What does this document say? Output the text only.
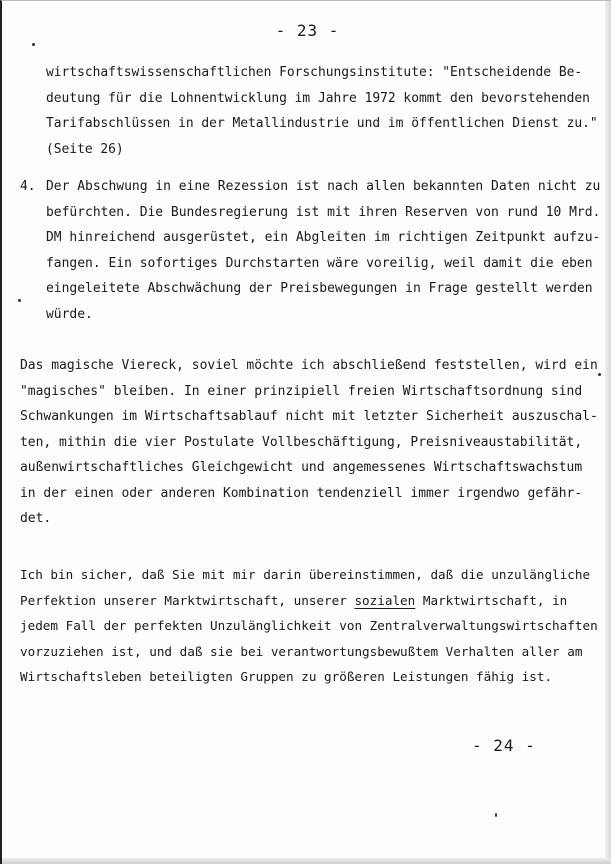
- 23 -
wirtschaftswissenschaftlichen Forschungsinstitute: "Entscheidende Be-
deutung für die Lohnentwicklung im Jahre 1972 kommt den bevorstehenden
Tarifabschlüssen in der Metallindustrie und im öffentlichen Dienst zu."
(Seite 26)
4. Der Abschwung in eine Rezession ist nach allen bekannten Daten nicht zu
befürchten. Die Bundesregierung ist mit ihren Reserven von rund 10 Mrd.
DM hinreichend ausgerüstet, ein Abgleiten im richtigen Zeitpunkt aufzu-
fangen. Ein sofortiges Durchstarten wäre voreilig, weil damit die eben
eingeleitete Abschwächung der Preisbewegungen in Frage gestellt werden
würde.
Das magische Viereck, soviel möchte ich abschließend feststellen, wird ein
"magisches" bleiben. In einer prinzipiell freien Wirtschaftsordnung sind
Schwankungen im Wirtschaftsablauf nicht mit letzter Sicherheit auszuschal-
ten, mithin die vier Postulate Vollbeschäftigung, Preisniveaustabilität,
außenwirtschaftliches Gleichgewicht und angemessenes Wirtschaftswachstum
in der einen oder anderen Kombination tendenziell immer irgendwo gefähr-
det.
Ich bin sicher, daß Sie mit mir darin übereinstimmen, daß die unzulängliche
Perfektion unserer Marktwirtschaft, unserer sozialen Marktwirtschaft, in
jedem Fall der perfekten Unzulänglichkeit von Zentralverwaltungswirtschaften
vorzuziehen ist, und daß sie bei verantwortungsbewußtem Verhalten aller am
Wirtschaftsleben beteiligten Gruppen zu größeren Leistungen fähig ist.
- 24 -
